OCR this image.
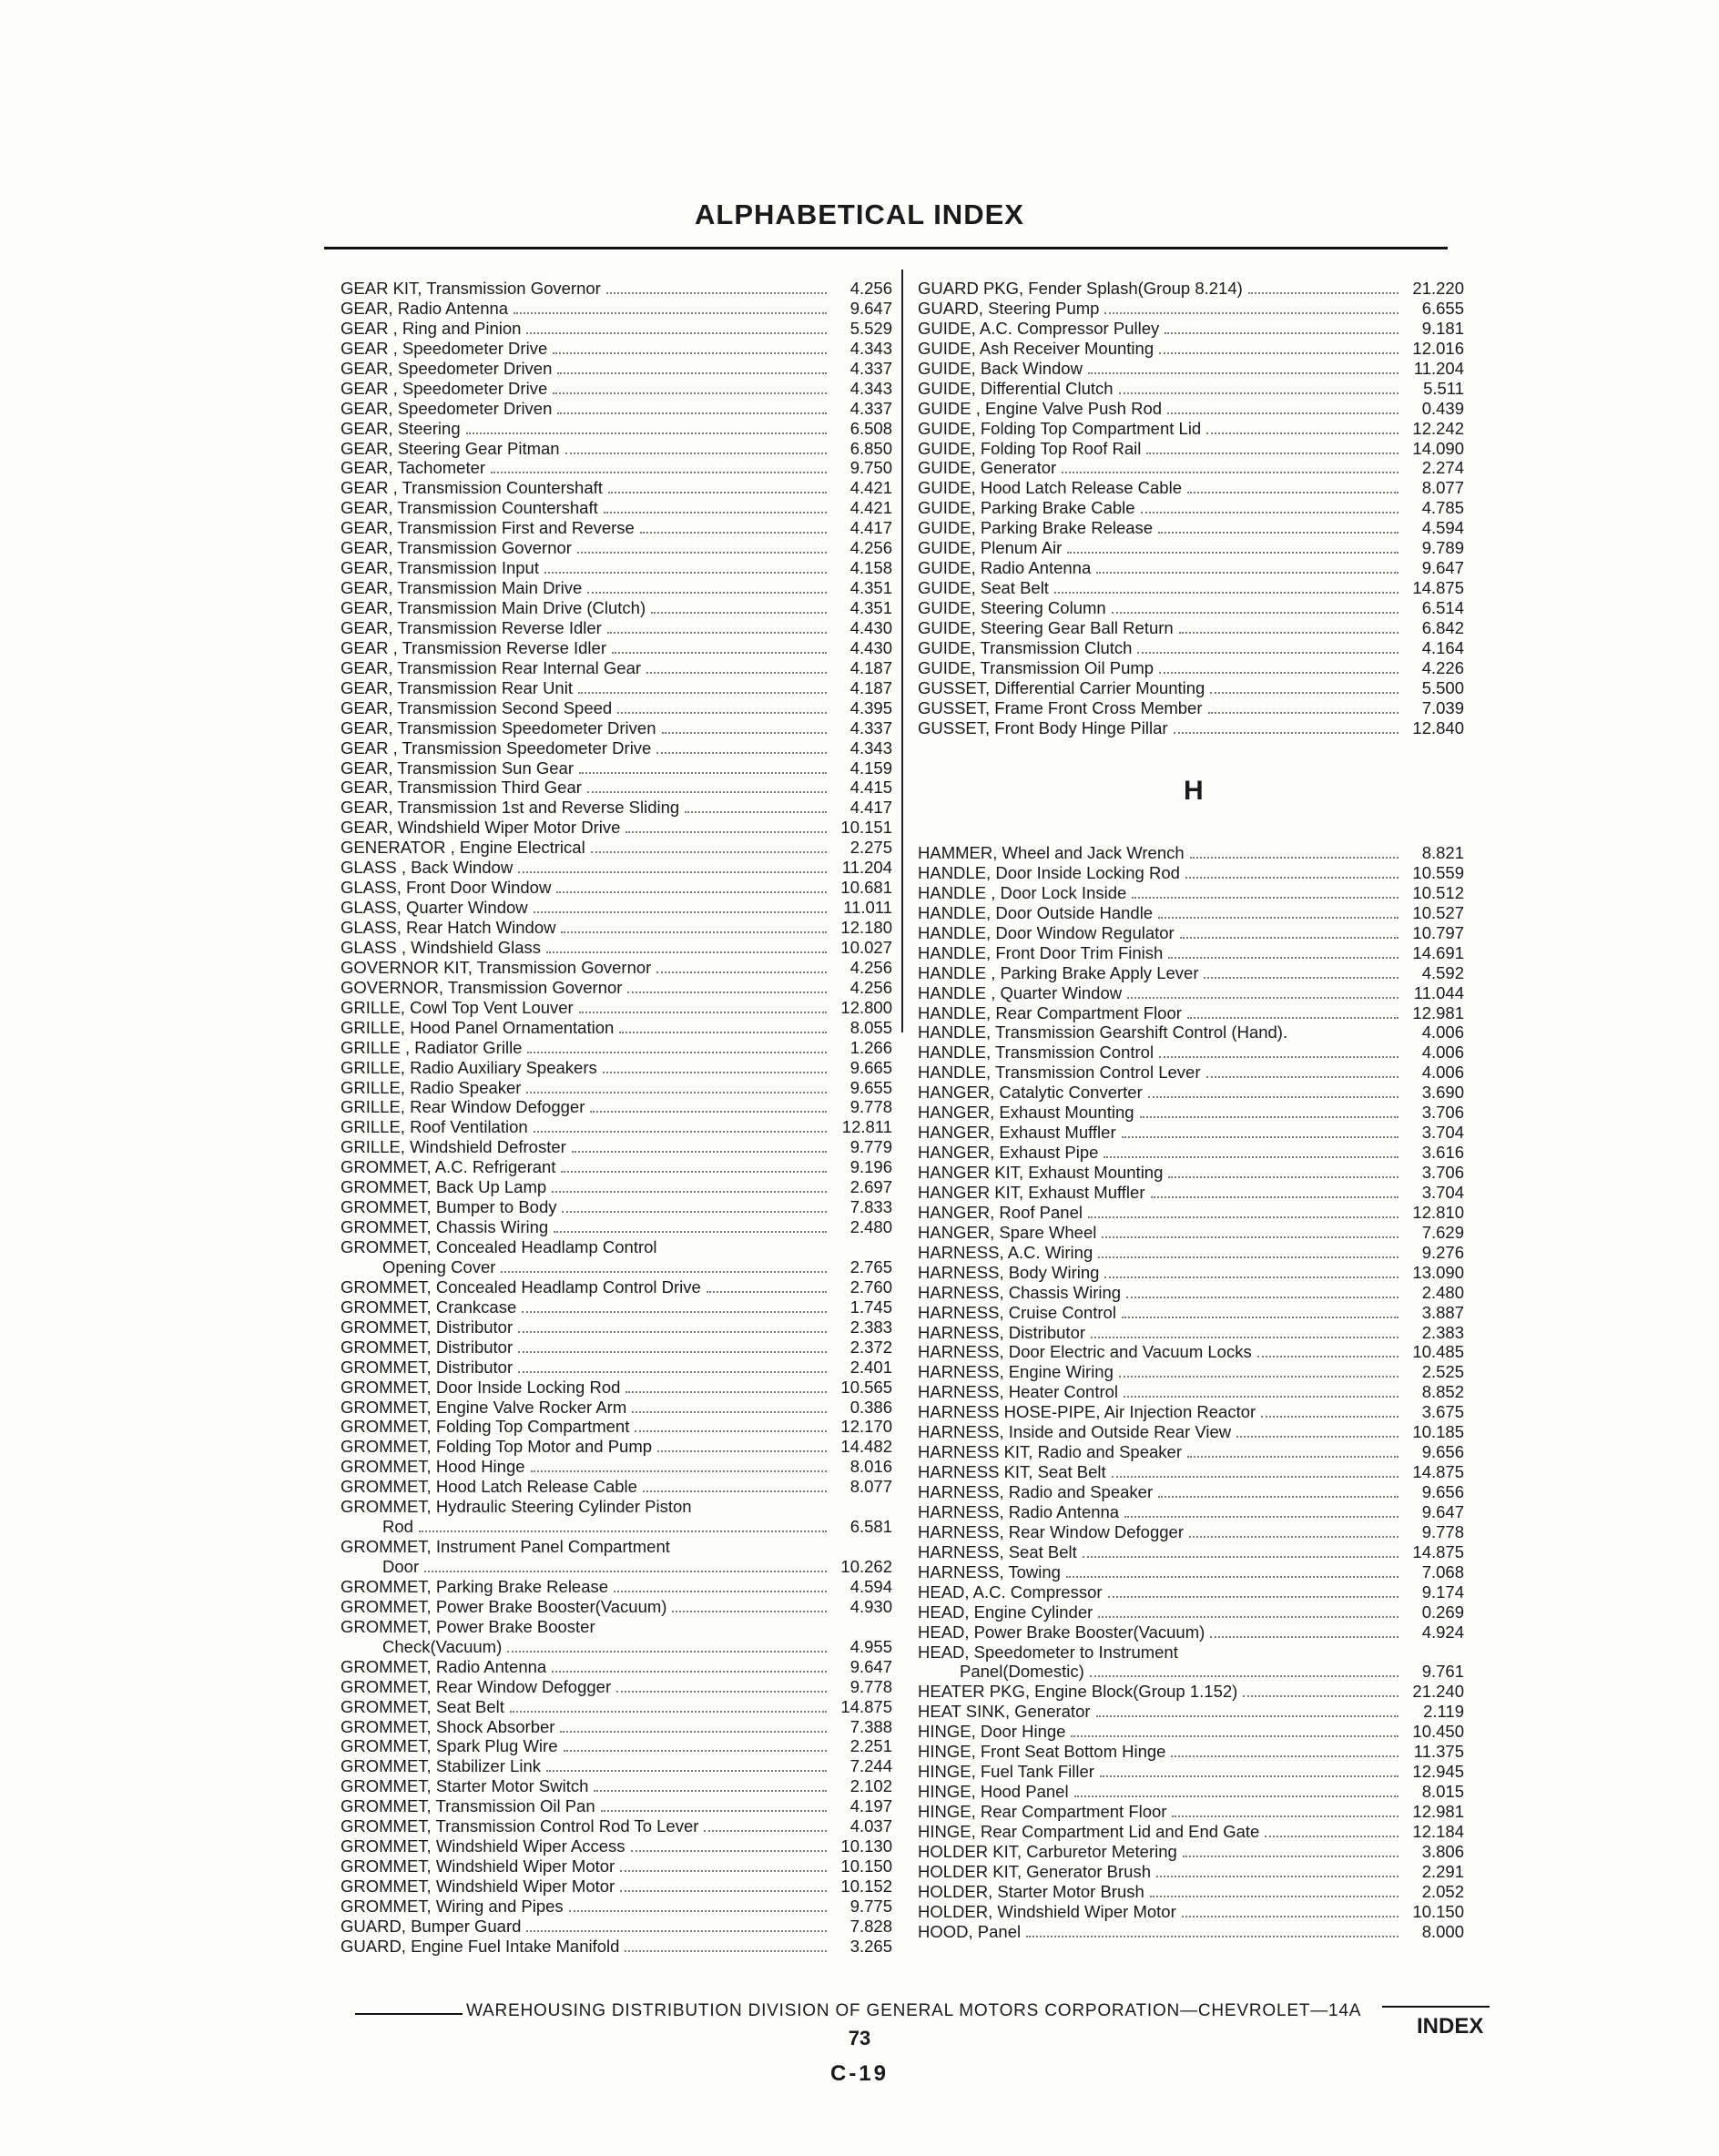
ALPHABETICAL INDEX
GEAR KIT, Transmission Governor	4.256
GEAR, Radio Antenna	9.647
GEAR , Ring and Pinion	5.529
GEAR , Speedometer Drive	4.343
GEAR, Speedometer Driven	4.337
GEAR , Speedometer Drive	4.343
GEAR, Speedometer Driven	4.337
GEAR, Steering	6.508
GEAR, Steering Gear Pitman	6.850
GEAR, Tachometer	9.750
GEAR , Transmission Countershaft	4.421
GEAR, Transmission Countershaft	4.421
GEAR, Transmission First and Reverse	4.417
GEAR, Transmission Governor	4.256
GEAR, Transmission Input	4.158
GEAR, Transmission Main Drive	4.351
GEAR, Transmission Main Drive (Clutch)	4.351
GEAR, Transmission Reverse Idler	4.430
GEAR , Transmission Reverse Idler	4.430
GEAR, Transmission Rear Internal Gear	4.187
GEAR, Transmission Rear Unit	4.187
GEAR, Transmission Second Speed	4.395
GEAR, Transmission Speedometer Driven	4.337
GEAR , Transmission Speedometer Drive	4.343
GEAR, Transmission Sun Gear	4.159
GEAR, Transmission Third Gear	4.415
GEAR, Transmission 1st and Reverse Sliding	4.417
GEAR, Windshield Wiper Motor Drive	10.151
GENERATOR , Engine Electrical	2.275
GLASS , Back Window	11.204
GLASS, Front Door Window	10.681
GLASS, Quarter Window	11.011
GLASS, Rear Hatch Window	12.180
GLASS , Windshield Glass	10.027
GOVERNOR KIT, Transmission Governor	4.256
GOVERNOR, Transmission Governor	4.256
GRILLE, Cowl Top Vent Louver	12.800
GRILLE, Hood Panel Ornamentation	8.055
GRILLE , Radiator Grille	1.266
GRILLE, Radio Auxiliary Speakers	9.665
GRILLE, Radio Speaker	9.655
GRILLE, Rear Window Defogger	9.778
GRILLE, Roof Ventilation	12.811
GRILLE, Windshield Defroster	9.779
GROMMET, A.C. Refrigerant	9.196
GROMMET, Back Up Lamp	2.697
GROMMET, Bumper to Body	7.833
GROMMET, Chassis Wiring	2.480
GROMMET, Concealed Headlamp Control
Opening Cover	2.765
GROMMET, Concealed Headlamp Control Drive	2.760
GROMMET, Crankcase	1.745
GROMMET, Distributor	2.383
GROMMET, Distributor	2.372
GROMMET, Distributor	2.401
GROMMET, Door Inside Locking Rod	10.565
GROMMET, Engine Valve Rocker Arm	0.386
GROMMET, Folding Top Compartment	12.170
GROMMET, Folding Top Motor and Pump	14.482
GROMMET, Hood Hinge	8.016
GROMMET, Hood Latch Release Cable	8.077
GROMMET, Hydraulic Steering Cylinder Piston
Rod	6.581
GROMMET, Instrument Panel Compartment
Door	10.262
GROMMET, Parking Brake Release	4.594
GROMMET, Power Brake Booster(Vacuum)	4.930
GROMMET, Power Brake Booster
Check(Vacuum)	4.955
GROMMET, Radio Antenna	9.647
GROMMET, Rear Window Defogger	9.778
GROMMET, Seat Belt	14.875
GROMMET, Shock Absorber	7.388
GROMMET, Spark Plug Wire	2.251
GROMMET, Stabilizer Link	7.244
GROMMET, Starter Motor Switch	2.102
GROMMET, Transmission Oil Pan	4.197
GROMMET, Transmission Control Rod To Lever	4.037
GROMMET, Windshield Wiper Access	10.130
GROMMET, Windshield Wiper Motor	10.150
GROMMET, Windshield Wiper Motor	10.152
GROMMET, Wiring and Pipes	9.775
GUARD, Bumper Guard	7.828
GUARD, Engine Fuel Intake Manifold	3.265
GUARD PKG, Fender Splash(Group 8.214)	21.220
GUARD, Steering Pump	6.655
GUIDE, A.C. Compressor Pulley	9.181
GUIDE, Ash Receiver Mounting	12.016
GUIDE, Back Window	11.204
GUIDE, Differential Clutch	5.511
GUIDE , Engine Valve Push Rod	0.439
GUIDE, Folding Top Compartment Lid	12.242
GUIDE, Folding Top Roof Rail	14.090
GUIDE, Generator	2.274
GUIDE, Hood Latch Release Cable	8.077
GUIDE, Parking Brake Cable	4.785
GUIDE, Parking Brake Release	4.594
GUIDE, Plenum Air	9.789
GUIDE, Radio Antenna	9.647
GUIDE, Seat Belt	14.875
GUIDE, Steering Column	6.514
GUIDE, Steering Gear Ball Return	6.842
GUIDE, Transmission Clutch	4.164
GUIDE, Transmission Oil Pump	4.226
GUSSET, Differential Carrier Mounting	5.500
GUSSET, Frame Front Cross Member	7.039
GUSSET, Front Body Hinge Pillar	12.840
H
HAMMER, Wheel and Jack Wrench	8.821
HANDLE, Door Inside Locking Rod	10.559
HANDLE , Door Lock Inside	10.512
HANDLE, Door Outside Handle	10.527
HANDLE, Door Window Regulator	10.797
HANDLE, Front Door Trim Finish	14.691
HANDLE , Parking Brake Apply Lever	4.592
HANDLE , Quarter Window	11.044
HANDLE, Rear Compartment Floor	12.981
HANDLE, Transmission Gearshift Control (Hand).	4.006
HANDLE, Transmission Control	4.006
HANDLE, Transmission Control Lever	4.006
HANGER, Catalytic Converter	3.690
HANGER, Exhaust Mounting	3.706
HANGER, Exhaust Muffler	3.704
HANGER, Exhaust Pipe	3.616
HANGER KIT, Exhaust Mounting	3.706
HANGER KIT, Exhaust Muffler	3.704
HANGER, Roof Panel	12.810
HANGER, Spare Wheel	7.629
HARNESS, A.C. Wiring	9.276
HARNESS, Body Wiring	13.090
HARNESS, Chassis Wiring	2.480
HARNESS, Cruise Control	3.887
HARNESS, Distributor	2.383
HARNESS, Door Electric and Vacuum Locks	10.485
HARNESS, Engine Wiring	2.525
HARNESS, Heater Control	8.852
HARNESS HOSE-PIPE, Air Injection Reactor	3.675
HARNESS, Inside and Outside Rear View	10.185
HARNESS KIT, Radio and Speaker	9.656
HARNESS KIT, Seat Belt	14.875
HARNESS, Radio and Speaker	9.656
HARNESS, Radio Antenna	9.647
HARNESS, Rear Window Defogger	9.778
HARNESS, Seat Belt	14.875
HARNESS, Towing	7.068
HEAD, A.C. Compressor	9.174
HEAD, Engine Cylinder	0.269
HEAD, Power Brake Booster(Vacuum)	4.924
HEAD, Speedometer to Instrument
Panel(Domestic)	9.761
HEATER PKG, Engine Block(Group 1.152)	21.240
HEAT SINK, Generator	2.119
HINGE, Door Hinge	10.450
HINGE, Front Seat Bottom Hinge	11.375
HINGE, Fuel Tank Filler	12.945
HINGE, Hood Panel	8.015
HINGE, Rear Compartment Floor	12.981
HINGE, Rear Compartment Lid and End Gate	12.184
HOLDER KIT, Carburetor Metering	3.806
HOLDER KIT, Generator Brush	2.291
HOLDER, Starter Motor Brush	2.052
HOLDER, Windshield Wiper Motor	10.150
HOOD, Panel	8.000
WAREHOUSING DISTRIBUTION DIVISION OF GENERAL MOTORS CORPORATION—CHEVROLET—14A
INDEX
73
C-19
